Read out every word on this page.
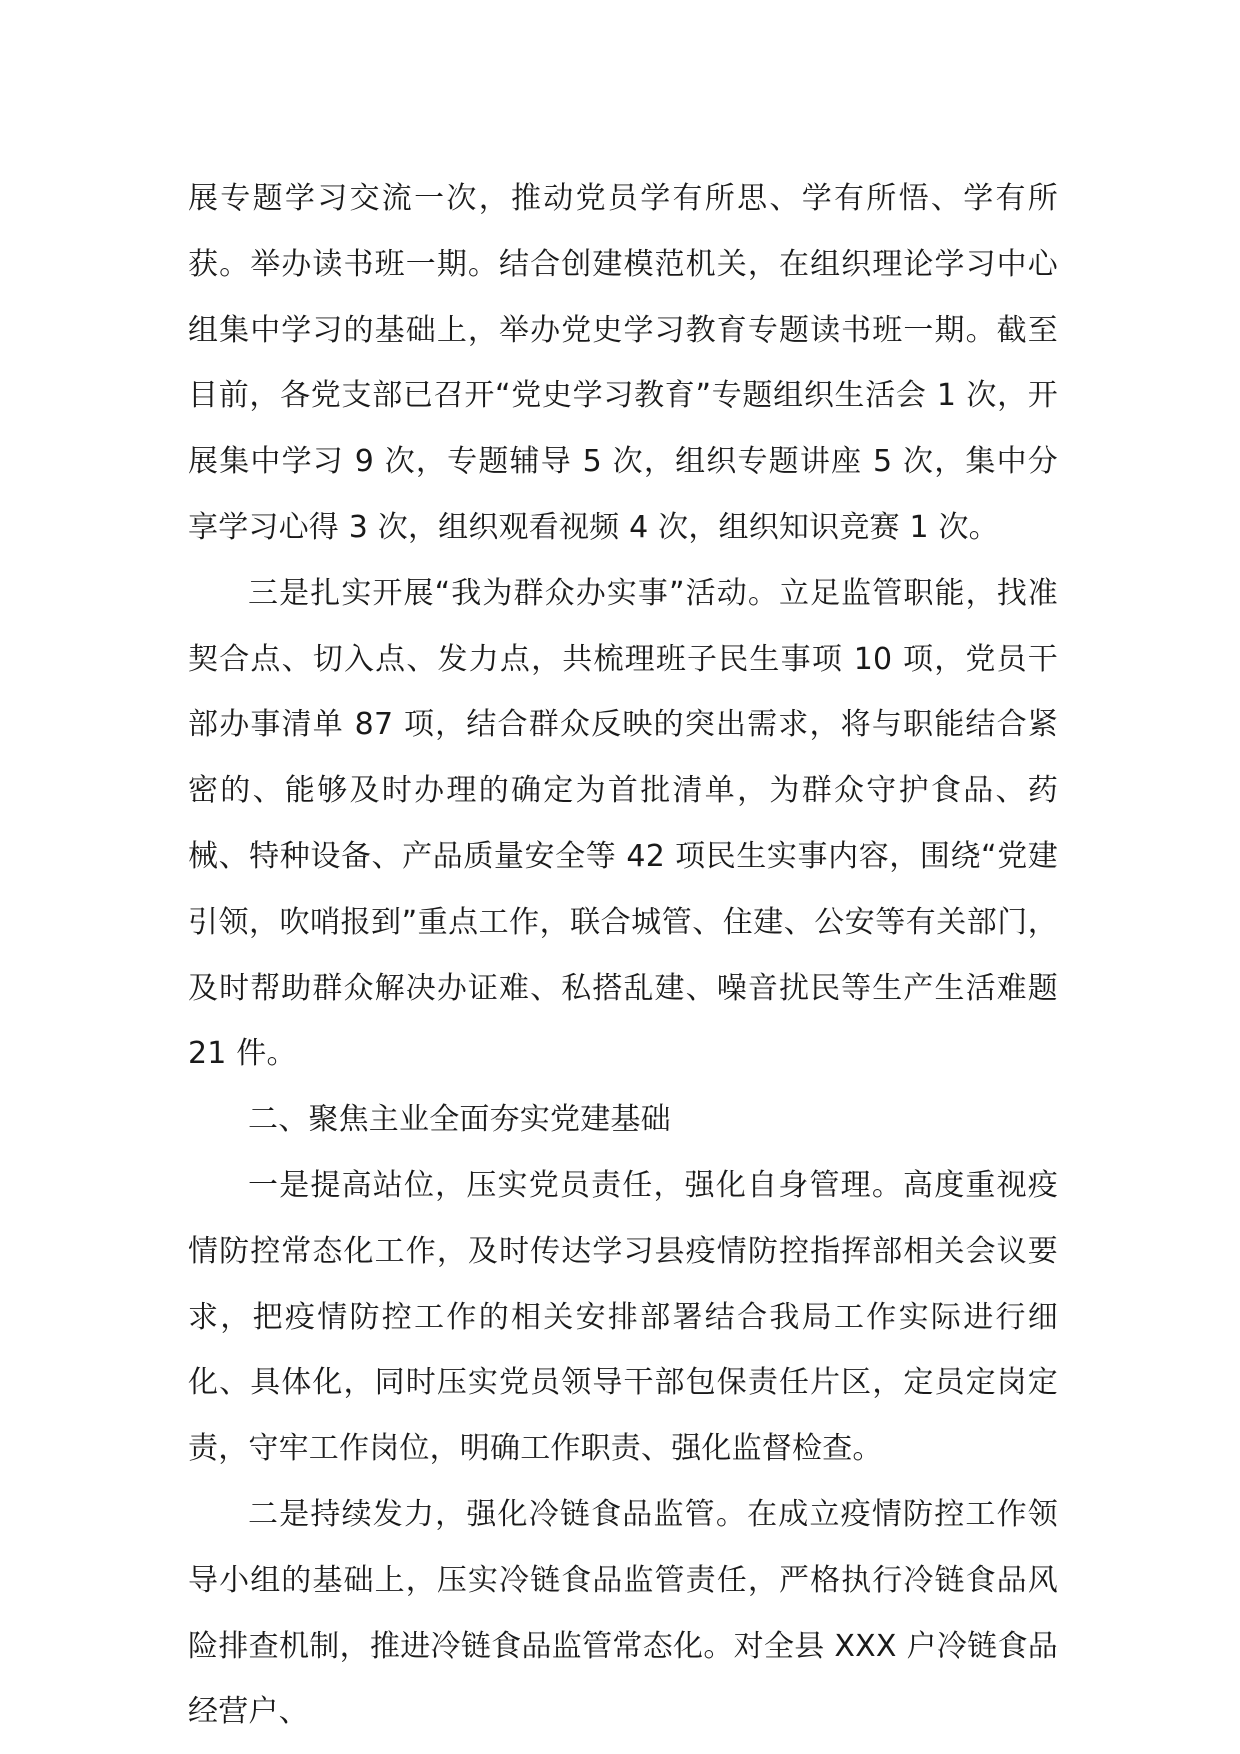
展专题学习交流一次，推动党员学有所思、学有所悟、学有所获。举办读书班一期。结合创建模范机关，在组织理论学习中心组集中学习的基础上，举办党史学习教育专题读书班一期。截至目前，各党支部已召开“党史学习教育”专题组织生活会 1 次，开展集中学习 9 次，专题辅导 5 次，组织专题讲座 5 次，集中分享学习心得 3 次，组织观看视频 4 次，组织知识竞赛 1 次。

三是扎实开展“我为群众办实事”活动。立足监管职能，找准契合点、切入点、发力点，共梳理班子民生事项 10 项，党员干部办事清单 87 项，结合群众反映的突出需求，将与职能结合紧密的、能够及时办理的确定为首批清单，为群众守护食品、药械、特种设备、产品质量安全等 42 项民生实事内容，围绕“党建引领，吹哨报到”重点工作，联合城管、住建、公安等有关部门，及时帮助群众解决办证难、私搭乱建、噪音扰民等生产生活难题 21 件。

二、聚焦主业全面夯实党建基础

一是提高站位，压实党员责任，强化自身管理。高度重视疫情防控常态化工作，及时传达学习县疫情防控指挥部相关会议要求，把疫情防控工作的相关安排部署结合我局工作实际进行细化、具体化，同时压实党员领导干部包保责任片区，定员定岗定责，守牢工作岗位，明确工作职责、强化监督检查。

二是持续发力，强化冷链食品监管。在成立疫情防控工作领导小组的基础上，压实冷链食品监管责任，严格执行冷链食品风险排查机制，推进冷链食品监管常态化。对全县 XXX 户冷链食品经营户、
